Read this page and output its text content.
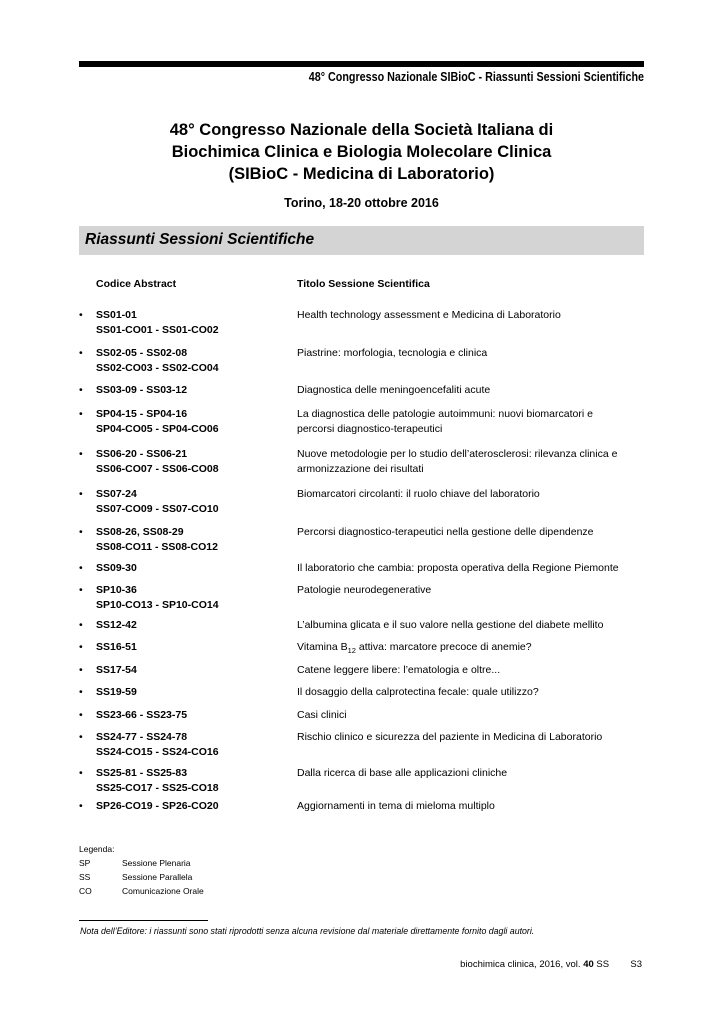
48° Congresso Nazionale SIBioC - Riassunti Sessioni Scientifiche
48° Congresso Nazionale della Società Italiana di
Biochimica Clinica e Biologia Molecolare Clinica
(SIBioC - Medicina di Laboratorio)
Torino, 18-20 ottobre 2016
Riassunti Sessioni Scientifiche
Codice Abstract	Titolo Sessione Scientifica
• SS01-01
SS01-CO01 - SS01-CO02
Health technology assessment e Medicina di Laboratorio
• SS02-05 - SS02-08
SS02-CO03 - SS02-CO04
Piastrine: morfologia, tecnologia e clinica
• SS03-09 - SS03-12	Diagnostica delle meningoencefaliti acute
• SP04-15 - SP04-16
SP04-CO05 - SP04-CO06
La diagnostica delle patologie autoimmuni: nuovi biomarcatori e
percorsi diagnostico-terapeutici
• SS06-20 - SS06-21
SS06-CO07 - SS06-CO08
Nuove metodologie per lo studio dell’aterosclerosi: rilevanza clinica e
armonizzazione dei risultati
• SS07-24
SS07-CO09 - SS07-CO10
Biomarcatori circolanti: il ruolo chiave del laboratorio
• SS08-26, SS08-29
SS08-CO11 - SS08-CO12
Percorsi diagnostico-terapeutici nella gestione delle dipendenze
• SS09-30	Il laboratorio che cambia: proposta operativa della Regione Piemonte
• SP10-36
SP10-CO13 - SP10-CO14
Patologie neurodegenerative
• SS12-42	L’albumina glicata e il suo valore nella gestione del diabete mellito
• SS16-51	Vitamina $B_{12}$ attiva: marcatore precoce di anemie?
• SS17-54	Catene leggere libere: l’ematologia e oltre...
• SS19-59	Il dosaggio della calprotectina fecale: quale utilizzo?
• SS23-66 - SS23-75	Casi clinici
• SS24-77 - SS24-78
SS24-CO15 - SS24-CO16
Rischio clinico e sicurezza del paziente in Medicina di Laboratorio
• SS25-81 - SS25-83
SS25-CO17 - SS25-CO18
Dalla ricerca di base alle applicazioni cliniche
• SP26-CO19 - SP26-CO20	Aggiornamenti in tema di mieloma multiplo
Legenda:
SP	Sessione Plenaria
SS	Sessione Parallela
CO	Comunicazione Orale
Nota dell’Editore: i riassunti sono stati riprodotti senza alcuna revisione dal materiale direttamente fornito dagli autori.
biochimica clinica, 2016, vol. 40 SS S3
